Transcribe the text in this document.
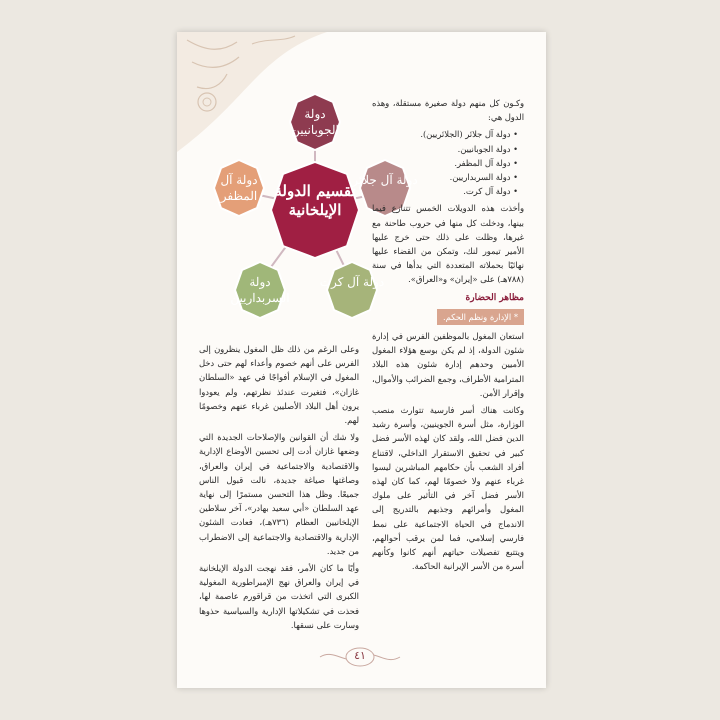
تقسيم الدولة الإيلخانية
دولة الجوبانيين
دولة آل جلائر
دولة آل كرت
دولة السربداريين
دولة آل المظفر

وكـون كل منهم دولة صغيرة مستقلة، وهذه الدول هي:

• دولة آل جلائر (الجلائريين).
• دولة الجوبانيين.
• دولة آل المظفر.
• دولة السربداريين.
• دولة آل كرت.

وأخذت هذه الدويلات الخمس تتنازع فيما بينها، ودخلت كل منها في حروب طاحنة مع غيرها، وظلت على ذلك حتى خرج عليها الأمير تيمور لنك، وتمكن من القضاء عليها نهائيًا بحملاته المتعددة التي بدأها في سنة (٧٨٨هـ) على «إيران» و«العراق».

مظاهر الحضارة
* الإدارة ونظم الحكم.

استعان المغول بالموظفين الفرس في إدارة شئون الدولة، إذ لم يكن بوسع هؤلاء المغول الأميين وحدهم إدارة شئون هذه البلاد المترامية الأطراف، وجمع الضرائب والأموال، وإقرار الأمن.

وكانت هناك أسر فارسية تتوارث منصب الوزارة، مثل أسرة الجوينيين، وأسرة رشيد الدين فضل الله، ولقد كان لهذه الأسر فضل كبير في تحقيق الاستقرار الداخلي، لاقتناع أفراد الشعب بأن حكامهم المباشرين ليسوا غرباء عنهم ولا خصومًا لهم، كما كان لهذه الأسر فضل آخر في التأثير على ملوك المغول وأمرائهم وجذبهم بالتدريج إلى الاندماج في الحياة الاجتماعية على نمط فارسي إسلامي، فما لمن يرقب أحوالهم، ويتتبع تفصيلات حياتهم أنهم كانوا وكأنهم أسرة من الأسر الإيرانية الحاكمة.

وعلى الرغم من ذلك ظل المغول ينظرون إلى الفرس على أنهم خصوم وأعداء لهم حتى دخل المغول في الإسلام أفواجًا في عهد «السلطان غازان»، فتغيرت عندئذ نظرتهم، ولم يعودوا يرون أهل البلاد الأصليين غرباء عنهم وخصومًا لهم.

ولا شك أن القوانين والإصلاحات الجديدة التي وضعها غازان أدت إلى تحسين الأوضاع الإدارية والاقتصادية والاجتماعية في إيران والعراق، وصاغتها صياغة جديدة، نالت قبول الناس جميعًا. وظل هذا التحسن مستمرًا إلى نهاية عهد السلطان «أبي سعيد بهادر»، آخر سلاطين الإيلخانيين العظام (٧٣٦هـ)، فعادت الشئون الإدارية والاقتصادية والاجتماعية إلى الاضطراب من جديد.

وأيًا ما كان الأمر، فقد نهجت الدولة الإيلخانية في إيران والعراق نهج الإمبراطورية المغولية الكبرى التي اتخذت من قراقورم عاصمة لها، فحذت في تشكيلاتها الإدارية والسياسية حذوها وسارت على نسقها.

٤١
